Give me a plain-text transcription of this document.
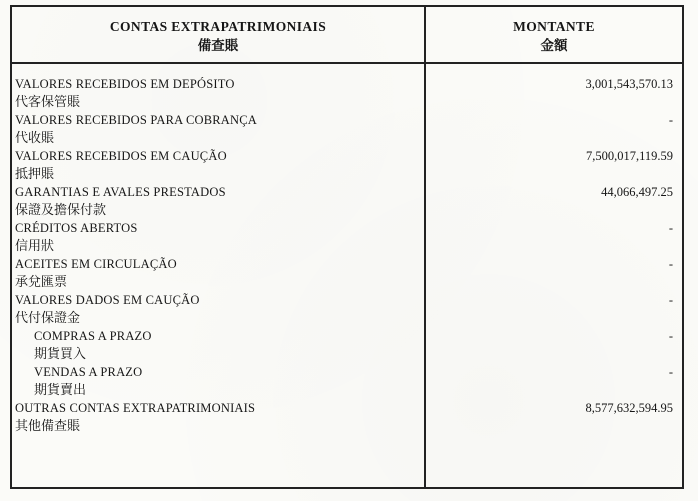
CONTAS EXTRAPATRIMONIAIS
備查賬
MONTANTE
金額
VALORES RECEBIDOS EM DEPÓSITO
代客保管賬
3,001,543,570.13
VALORES RECEBIDOS PARA COBRANÇA
代收賬
-
VALORES RECEBIDOS EM CAUÇÃO
抵押賬
7,500,017,119.59
GARANTIAS E AVALES PRESTADOS
保證及擔保付款
44,066,497.25
CRÉDITOS ABERTOS
信用狀
-
ACEITES EM CIRCULAÇÃO
承兌匯票
-
VALORES DADOS EM CAUÇÃO
代付保證金
-
COMPRAS A PRAZO
期貨買入
-
VENDAS A PRAZO
期貨賣出
-
OUTRAS CONTAS EXTRAPATRIMONIAIS
其他備查賬
8,577,632,594.95
